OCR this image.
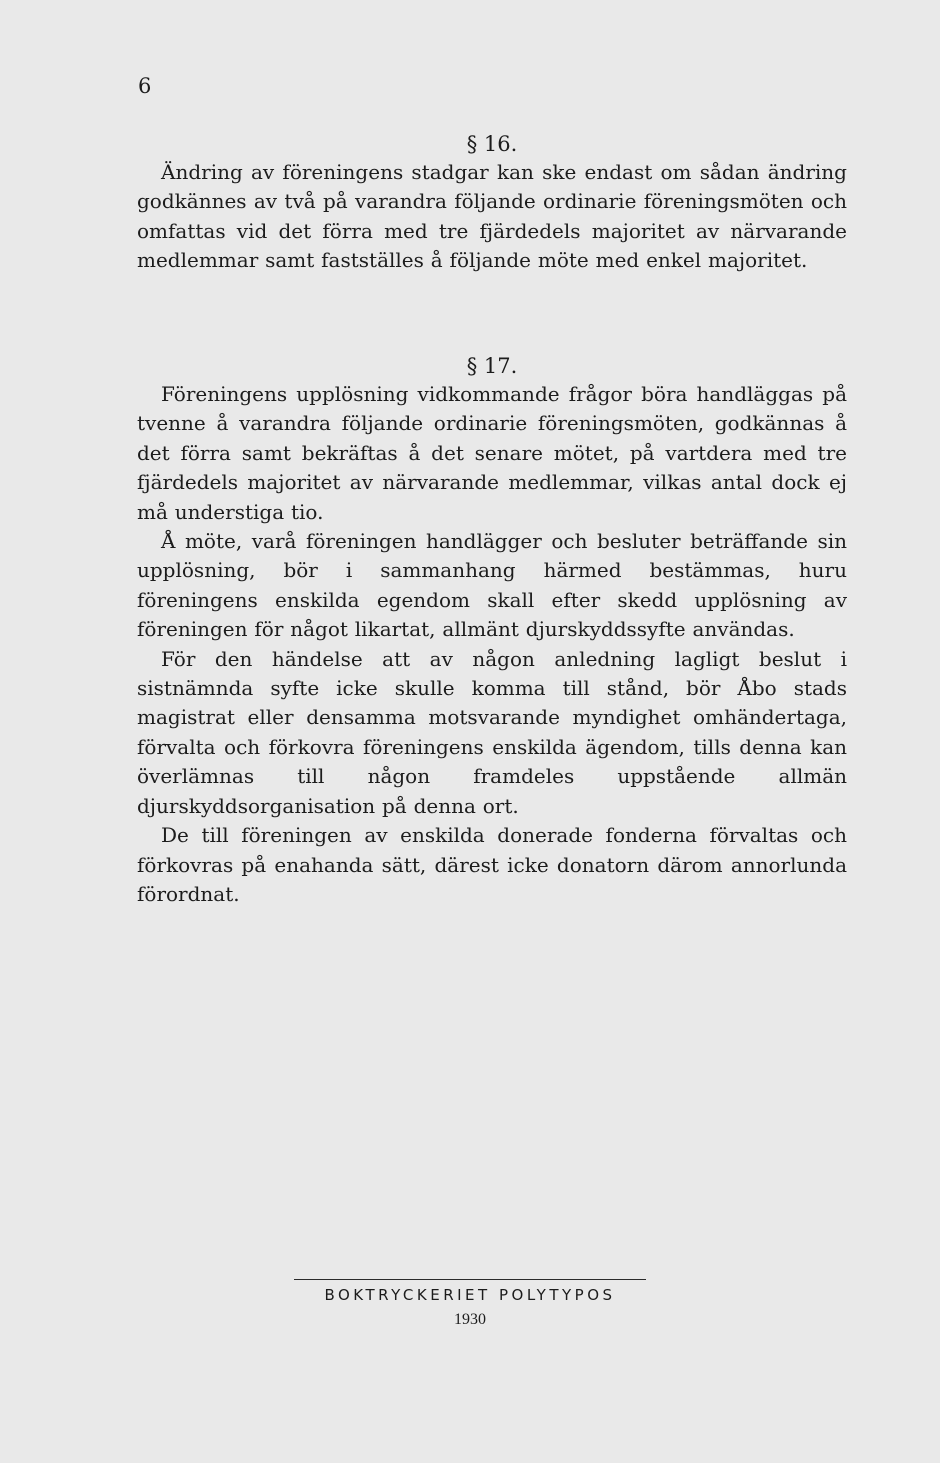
6
§ 16.

Ändring av föreningens stadgar kan ske endast om sådan ändring godkännes av två på varandra följande ordinarie föreningsmöten och omfattas vid det förra med tre fjärdedels majoritet av närvarande medlemmar samt fastställes å följande möte med enkel majoritet.

§ 17.

Föreningens upplösning vidkommande frågor böra handläggas på tvenne å varandra följande ordinarie föreningsmöten, godkännas å det förra samt bekräftas å det senare mötet, på vartdera med tre fjärdedels majoritet av närvarande medlemmar, vilkas antal dock ej må understiga tio.

Å möte, varå föreningen handlägger och besluter beträffande sin upplösning, bör i sammanhang härmed bestämmas, huru föreningens enskilda egendom skall efter skedd upplösning av föreningen för något likartat, allmänt djurskyddssyfte användas.

För den händelse att av någon anledning lagligt beslut i sistnämnda syfte icke skulle komma till stånd, bör Åbo stads magistrat eller densamma motsvarande myndighet omhändertaga, förvalta och förkovra föreningens enskilda ägendom, tills denna kan överlämnas till någon framdeles uppstående allmän djurskyddsorganisation på denna ort.

De till föreningen av enskilda donerade fonderna förvaltas och förkovras på enahanda sätt, därest icke donatorn därom annorlunda förordnat.

BOKTRYCKERIET POLYTYPOS
1930
